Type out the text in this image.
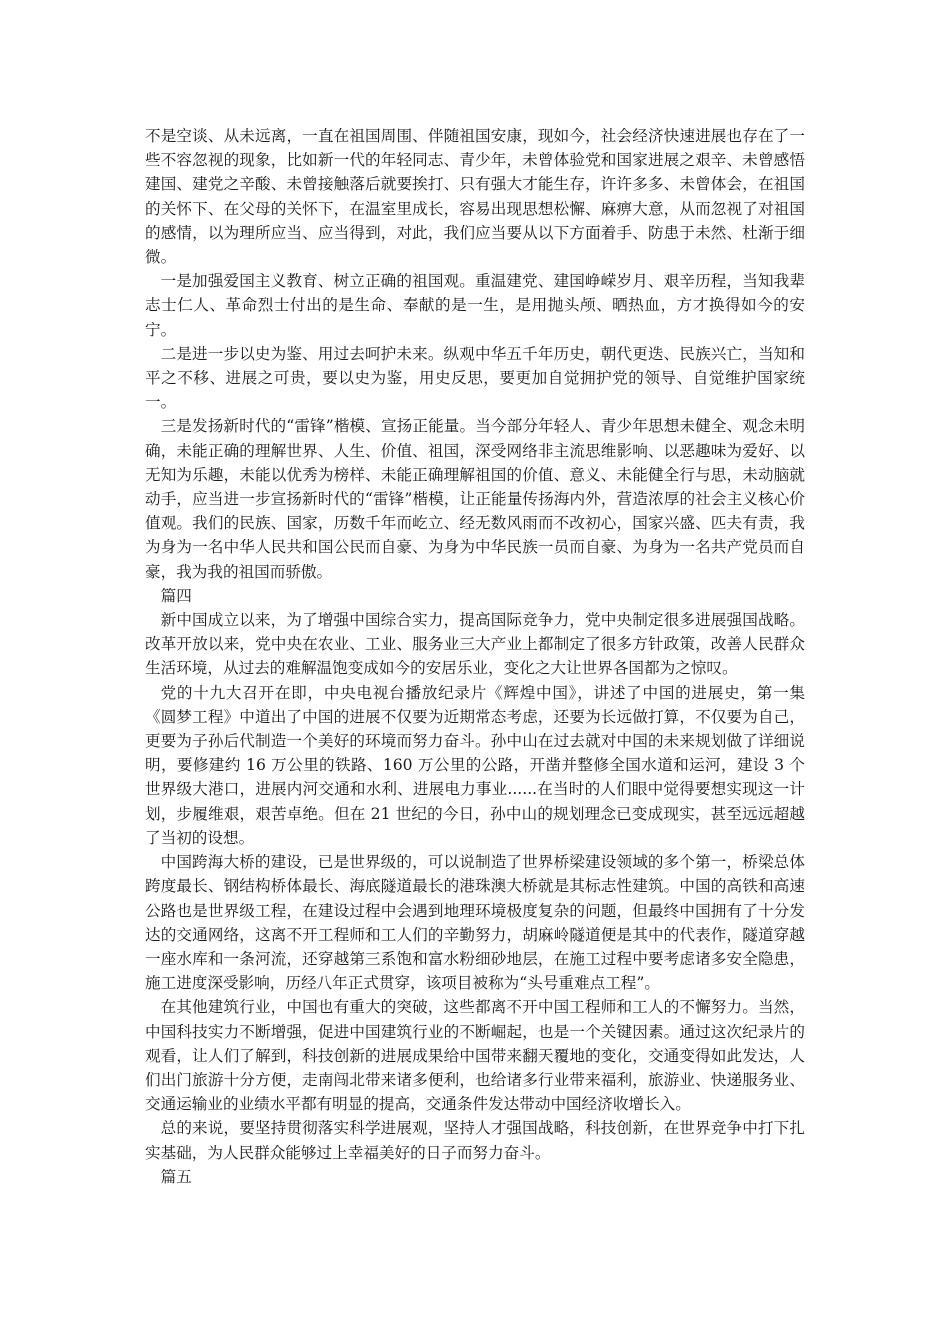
不是空谈、从未远离，一直在祖国周围、伴随祖国安康，现如今，社会经济快速进展也存在了一些不容忽视的现象，比如新一代的年轻同志、青少年，未曾体验党和国家进展之艰辛、未曾感悟建国、建党之辛酸、未曾接触落后就要挨打、只有强大才能生存，许许多多、未曾体会，在祖国的关怀下、在父母的关怀下，在温室里成长，容易出现思想松懈、麻痹大意，从而忽视了对祖国的感情，以为理所应当、应当得到，对此，我们应当要从以下方面着手、防患于未然、杜渐于细微。

一是加强爱国主义教育、树立正确的祖国观。重温建党、建国峥嵘岁月、艰辛历程，当知我辈志士仁人、革命烈士付出的是生命、奉献的是一生，是用抛头颅、晒热血，方才换得如今的安宁。

二是进一步以史为鉴、用过去呵护未来。纵观中华五千年历史，朝代更迭、民族兴亡，当知和平之不移、进展之可贵，要以史为鉴，用史反思，要更加自觉拥护党的领导、自觉维护国家统一。

三是发扬新时代的“雷锋”楷模、宣扬正能量。当今部分年轻人、青少年思想未健全、观念未明确，未能正确的理解世界、人生、价值、祖国，深受网络非主流思维影响、以恶趣味为爱好、以无知为乐趣，未能以优秀为榜样、未能正确理解祖国的价值、意义、未能健全行与思，未动脑就动手，应当进一步宣扬新时代的“雷锋”楷模，让正能量传扬海内外，营造浓厚的社会主义核心价值观。我们的民族、国家，历数千年而屹立、经无数风雨而不改初心，国家兴盛、匹夫有责，我为身为一名中华人民共和国公民而自豪、为身为中华民族一员而自豪、为身为一名共产党员而自豪，我为我的祖国而骄傲。

篇四

新中国成立以来，为了增强中国综合实力，提高国际竞争力，党中央制定很多进展强国战略。改革开放以来，党中央在农业、工业、服务业三大产业上都制定了很多方针政策，改善人民群众生活环境，从过去的难解温饱变成如今的安居乐业，变化之大让世界各国都为之惊叹。

党的十九大召开在即，中央电视台播放纪录片《辉煌中国》，讲述了中国的进展史，第一集《圆梦工程》中道出了中国的进展不仅要为近期常态考虑，还要为长远做打算，不仅要为自己，更要为子孙后代制造一个美好的环境而努力奋斗。孙中山在过去就对中国的未来规划做了详细说明，要修建约 16 万公里的铁路、160 万公里的公路，开凿并整修全国水道和运河，建设 3 个世界级大港口，进展内河交通和水利、进展电力事业......在当时的人们眼中觉得要想实现这一计划，步履维艰，艰苦卓绝。但在 21 世纪的今日，孙中山的规划理念已变成现实，甚至远远超越了当初的设想。

中国跨海大桥的建设，已是世界级的，可以说制造了世界桥梁建设领域的多个第一，桥梁总体跨度最长、钢结构桥体最长、海底隧道最长的港珠澳大桥就是其标志性建筑。中国的高铁和高速公路也是世界级工程，在建设过程中会遇到地理环境极度复杂的问题，但最终中国拥有了十分发达的交通网络，这离不开工程师和工人们的辛勤努力，胡麻岭隧道便是其中的代表作，隧道穿越一座水库和一条河流，还穿越第三系饱和富水粉细砂地层，在施工过程中要考虑诸多安全隐患，施工进度深受影响，历经八年正式贯穿，该项目被称为“头号重难点工程”。

在其他建筑行业，中国也有重大的突破，这些都离不开中国工程师和工人的不懈努力。当然，中国科技实力不断增强，促进中国建筑行业的不断崛起，也是一个关键因素。通过这次纪录片的观看，让人们了解到，科技创新的进展成果给中国带来翻天覆地的变化，交通变得如此发达，人们出门旅游十分方便，走南闯北带来诸多便利，也给诸多行业带来福利，旅游业、快递服务业、交通运输业的业绩水平都有明显的提高，交通条件发达带动中国经济收增长入。

总的来说，要坚持贯彻落实科学进展观，坚持人才强国战略，科技创新，在世界竞争中打下扎实基础，为人民群众能够过上幸福美好的日子而努力奋斗。

篇五
